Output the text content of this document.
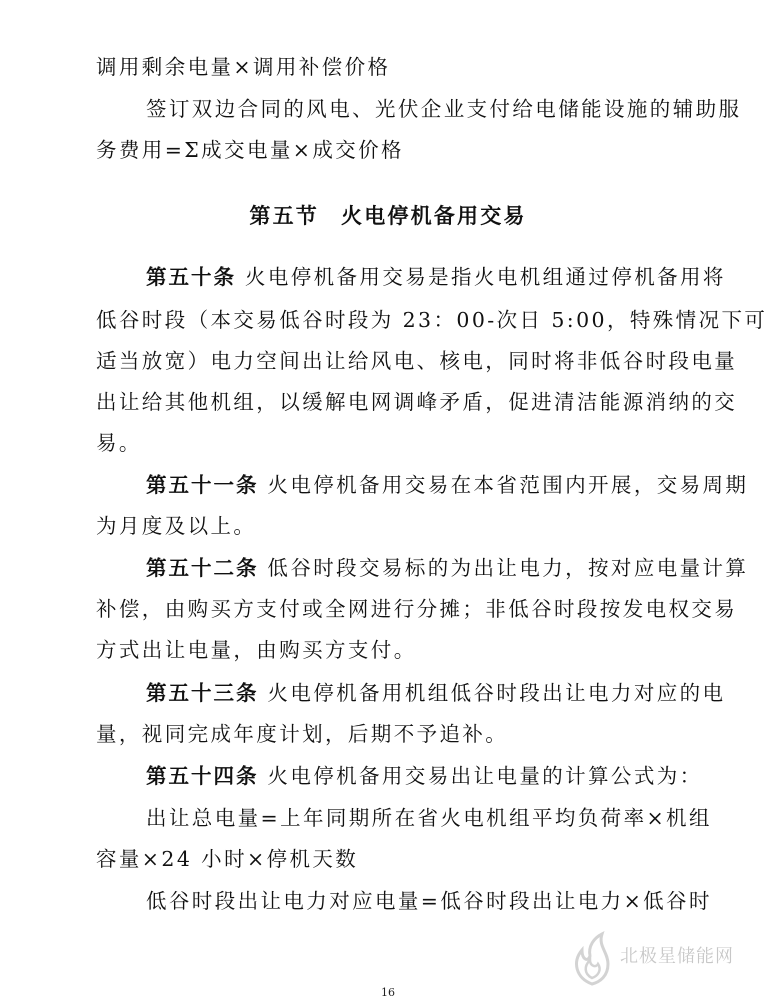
调用剩余电量×调用补偿价格
签订双边合同的风电、光伏企业支付给电储能设施的辅助服
务费用=Σ成交电量×成交价格
第五节 火电停机备用交易
第五十条 火电停机备用交易是指火电机组通过停机备用将
低谷时段（本交易低谷时段为 23：00-次日 5:00，特殊情况下可
适当放宽）电力空间出让给风电、核电，同时将非低谷时段电量
出让给其他机组，以缓解电网调峰矛盾，促进清洁能源消纳的交
易。
第五十一条 火电停机备用交易在本省范围内开展，交易周期
为月度及以上。
第五十二条 低谷时段交易标的为出让电力，按对应电量计算
补偿，由购买方支付或全网进行分摊；非低谷时段按发电权交易
方式出让电量，由购买方支付。
第五十三条 火电停机备用机组低谷时段出让电力对应的电
量，视同完成年度计划，后期不予追补。
第五十四条 火电停机备用交易出让电量的计算公式为：
出让总电量=上年同期所在省火电机组平均负荷率×机组
容量×24 小时×停机天数
低谷时段出让电力对应电量=低谷时段出让电力×低谷时
北极星储能网
16
